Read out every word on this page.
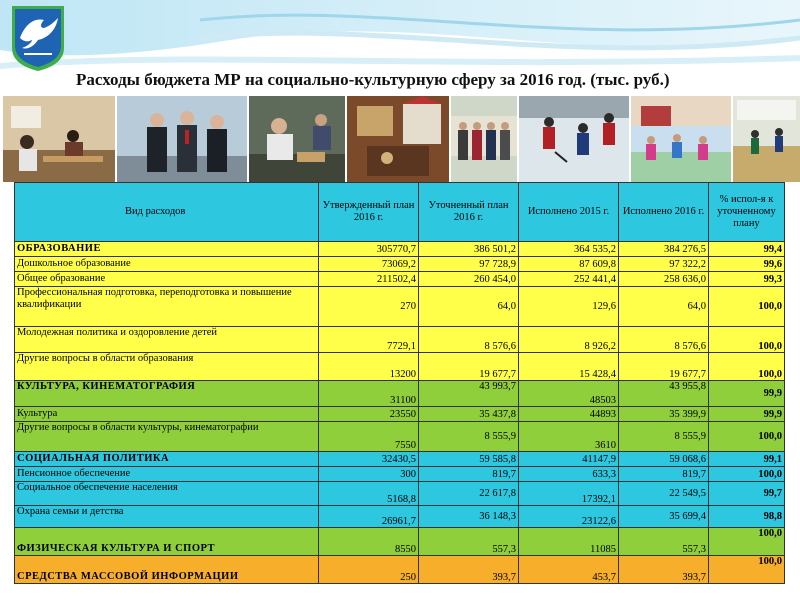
Расходы бюджета МР на социально-культурную сферу за 2016 год. (тыс. руб.)
Вид расходов	Утвержденный план 2016 г.	Уточненный план 2016 г.	Исполнено 2015 г.	Исполнено 2016 г.	% испол-я к уточненному плану
ОБРАЗОВАНИЕ	305770,7	386 501,2	364 535,2	384 276,5	99,4
Дошкольное образование	73069,2	97 728,9	87 609,8	97 322,2	99,6
Общее образование	211502,4	260 454,0	252 441,4	258 636,0	99,3
Профессиональная подготовка, переподготовка и повышение квалификации	270	64,0	129,6	64,0	100,0
Молодежная политика и оздоровление детей	7729,1	8 576,6	8 926,2	8 576,6	100,0
Другие вопросы в области образования	13200	19 677,7	15 428,4	19 677,7	100,0
КУЛЬТУРА, КИНЕМАТОГРАФИЯ	31100	43 993,7	48503	43 955,8	99,9
Культура	23550	35 437,8	44893	35 399,9	99,9
Другие вопросы в области культуры, кинематографии	7550	8 555,9	3610	8 555,9	100,0
СОЦИАЛЬНАЯ ПОЛИТИКА	32430,5	59 585,8	41147,9	59 068,6	99,1
Пенсионное обеспечение	300	819,7	633,3	819,7	100,0
Социальное обеспечение населения	5168,8	22 617,8	17392,1	22 549,5	99,7
Охрана семьи и детства	26961,7	36 148,3	23122,6	35 699,4	98,8
ФИЗИЧЕСКАЯ КУЛЬТУРА И СПОРТ	8550	557,3	11085	557,3	100,0
СРЕДСТВА МАССОВОЙ ИНФОРМАЦИИ	250	393,7	453,7	393,7	100,0
